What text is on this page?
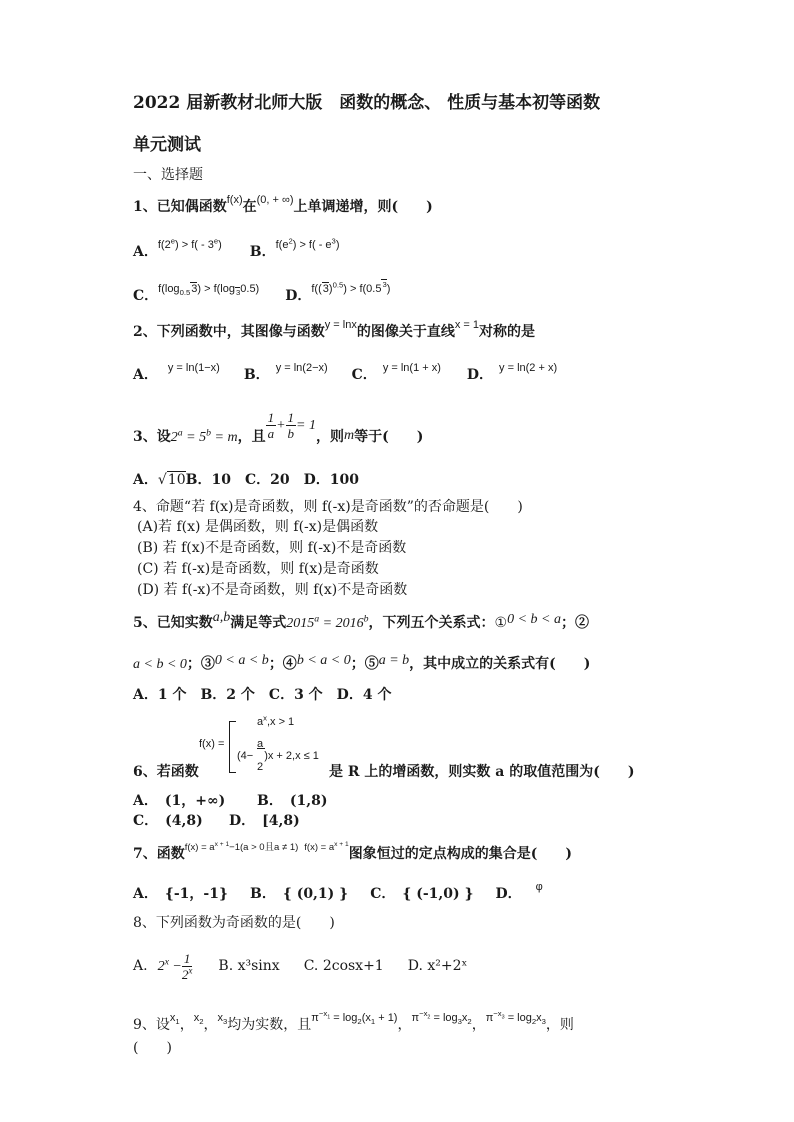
2022 届新教材北师大版　函数的概念、 性质与基本初等函数
单元测试
一、选择题
1、已知偶函数$^{f(x)}$在$^{(0, + \infty)}$上单调递增，则(　　)
A．$^{f(2^e) > f( - 3^e)}$ B．$^{f(e^2) > f( - e^3)}$
C．$^{f(log_{0.5}3) > f(log_30.5)}$ D．$^{f((3)^{0.5}) > f(0.5^3)}$
2、下列函数中，其图像与函数$^{y = lnx}$的图像关于直线$^{x = 1}$对称的是
A． $^{y = ln(1-x)}$ B． $^{y = ln(2-x)}$ C． $^{y = ln(1 + x)}$ D． $^{y = ln(2 + x)}$
3、设$2^a = 5^b = m$，且 $\frac{1}{a} + \frac{1}{b} = 1$，则m等于(　　)
A．√10B．10　C．20　D．100
4、命题“若 f(x)是奇函数，则 f(-x)是奇函数”的否命题是(　　)
(A)若 f(x) 是偶函数，则 f(-x)是偶函数
(B) 若 f(x)不是奇函数，则 f(-x)不是奇函数
(C) 若 f(-x)是奇函数，则 f(x)是奇函数
(D) 若 f(-x)不是奇函数，则 f(x)不是奇函数
5、已知实数a,b满足等式$2015^a = 2016^b$，下列五个关系式：①0 < b < a；②
a < b < 0；③0 < a < b；④b < a < 0；⑤a = b，其中成立的关系式有(　　)
A．1 个　B．2 个　C．3 个　D．4 个
f(x) =
$a^x,x > 1$
a
(4−　)x + 2,x ≤ 1
2
6、若函数	是 R 上的增函数，则实数 a 的取值范围为(　　)
A．　(1，+∞) B．　(1,8)
C．　(4,8) D．　[4,8)
7、函数$^{f(x) = a^{x + 1}-1(a > 0且a \ne 1)}$ $^{f(x) = a^{x + 1}}$图象恒过的定点构成的集合是(　　)
A．　{-1，-1} B．　{ (0,1) } C．　{ (-1,0) } D． $^\varphi$
8、下列函数为奇函数的是(　　)
A. $2^x - \frac{1}{2^x} B$. x³sinx C. 2cosx+1 D. x²+2ˣ
9、设$^{x_1}$，$^{x_2}$，$^{x_3}$均为实数，且$^{\pi^{-x_1} = log_2(x_1 + 1)}$，$^{\pi^{-x_2} = log_3x_2}$，$^{\pi^{-x_3} = log_2x_3}$，则
(　　)
